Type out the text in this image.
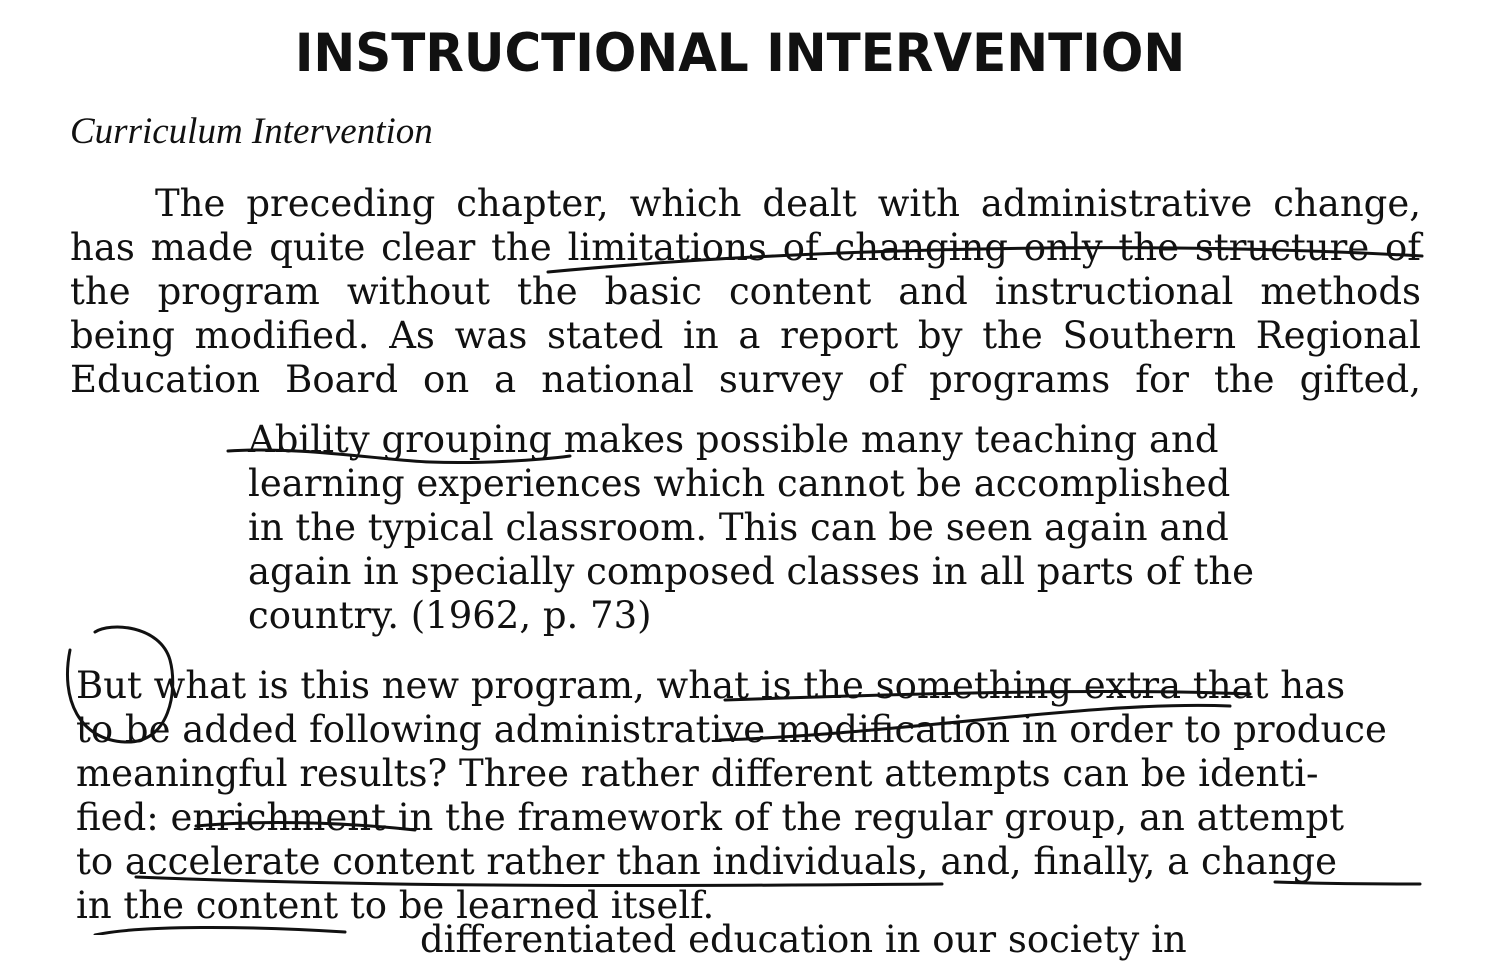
INSTRUCTIONAL INTERVENTION
Curriculum Intervention
The preceding chapter, which dealt with administrative change,
has made quite clear the limitations of changing only the structure of
the program without the basic content and instructional methods
being modified. As was stated in a report by the Southern Regional
Education Board on a national survey of programs for the gifted,
Ability grouping makes possible many teaching and
learning experiences which cannot be accomplished
in the typical classroom. This can be seen again and
again in specially composed classes in all parts of the
country. (1962, p. 73)
But what is this new program, what is the something extra that has
to be added following administrative modification in order to produce
meaningful results? Three rather different attempts can be identi-
fied: enrichment in the framework of the regular group, an attempt
to accelerate content rather than individuals, and, finally, a change
in the content to be learned itself.
differentiated education in our society in
